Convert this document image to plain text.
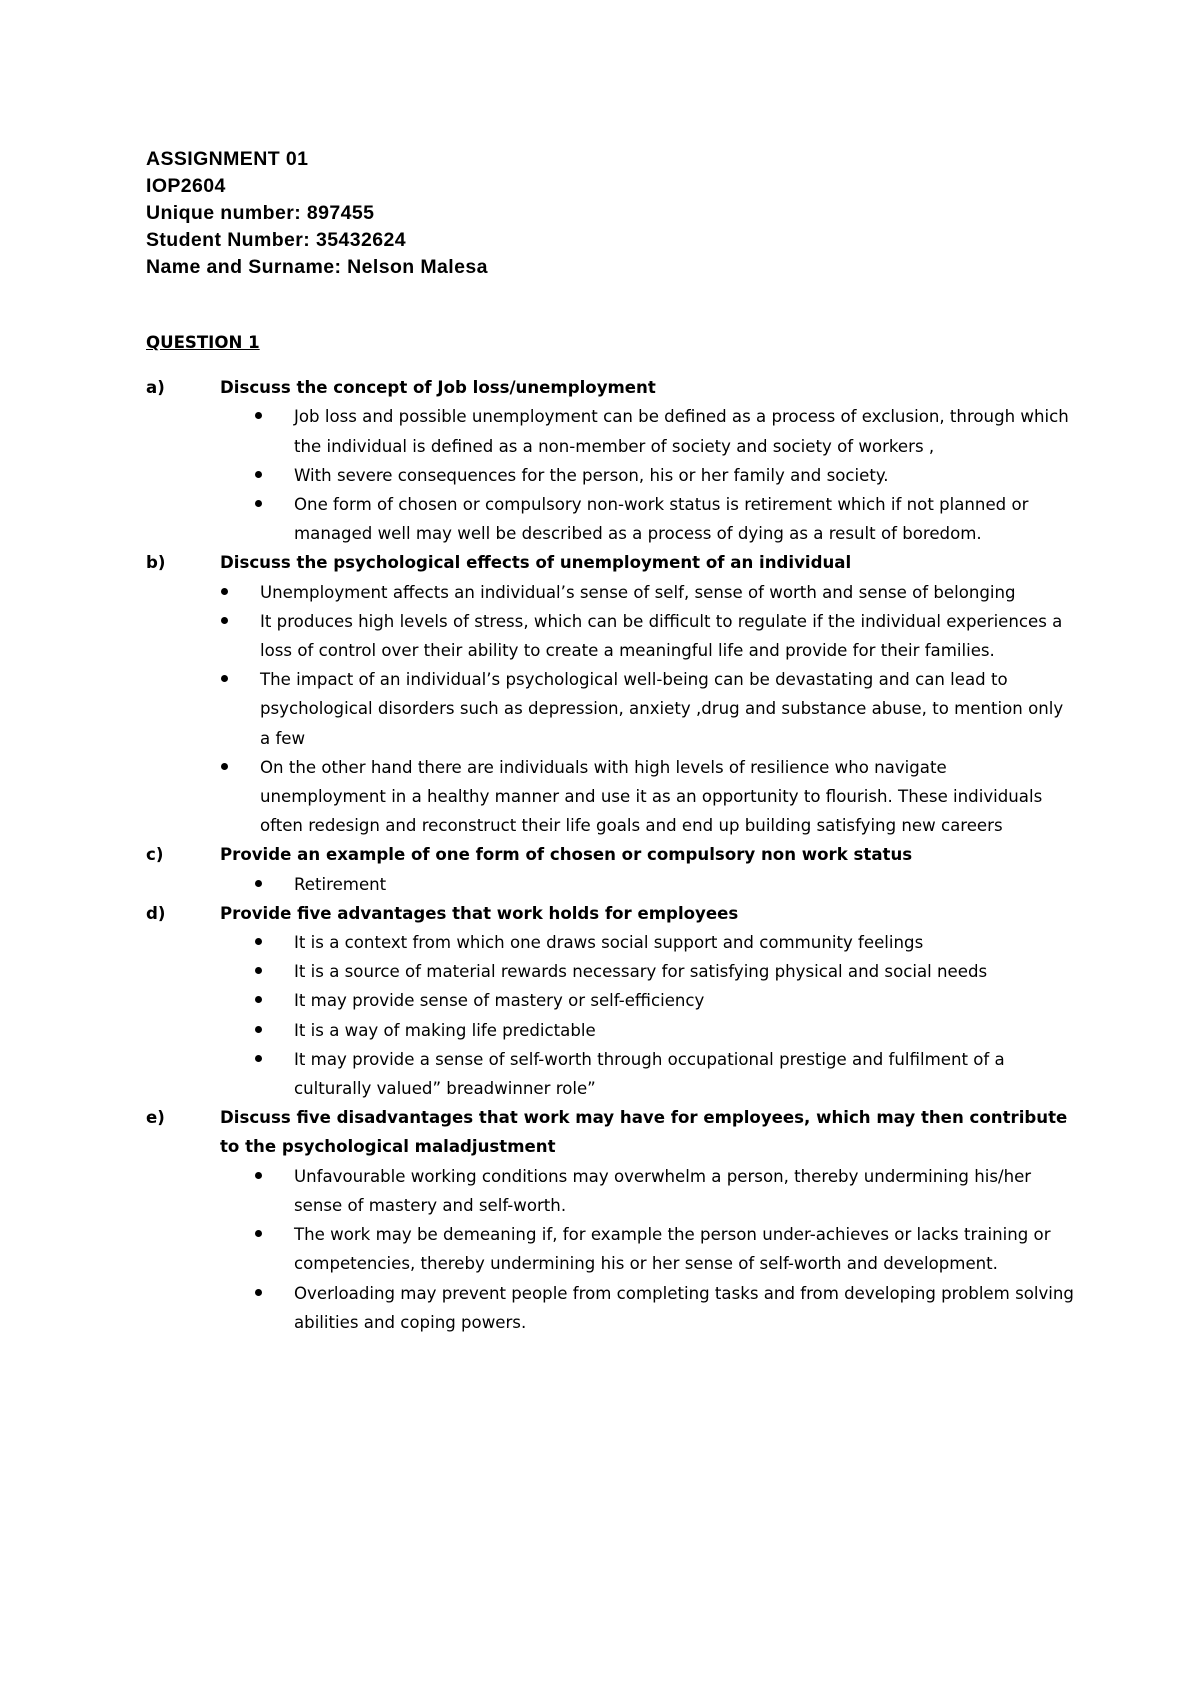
ASSIGNMENT 01
IOP2604
Unique number: 897455
Student Number: 35432624
Name and Surname: Nelson Malesa
QUESTION 1
a)	Discuss the concept of Job loss/unemployment
Job loss and possible unemployment can be defined as a process of exclusion, through which the individual is defined as a non-member of society and society of workers ,
With severe consequences for the person, his or her family and society.
One form of chosen or compulsory non-work status is retirement which if not planned or managed well may well be described as a process of dying as a result of boredom.
b)	Discuss the psychological effects of unemployment of an individual
Unemployment affects an individual’s sense of self, sense of worth and sense of belonging
It produces high levels of stress, which can be difficult to regulate if the individual experiences a loss of control over their ability to create a meaningful life and provide for their families.
The impact of an individual’s psychological well-being can be devastating and can lead to psychological disorders such as depression, anxiety ,drug and substance abuse, to mention only a few
On the other hand there are individuals with high levels of resilience who navigate unemployment in a healthy manner and use it as an opportunity to flourish. These individuals often redesign and reconstruct their life goals and end up building satisfying new careers
c)	Provide an example of one form of chosen or compulsory non work status
Retirement
d)	Provide five advantages that work holds for employees
It is a context from which one draws social support and community feelings
It is a source of material rewards necessary for satisfying physical and social needs
It may provide sense of mastery or self-efficiency
It is a way of making life predictable
It may provide a sense of self-worth through occupational prestige and fulfilment of a culturally valued” breadwinner role”
e)	Discuss five disadvantages that work may have for employees, which may then contribute to the psychological maladjustment
Unfavourable working conditions may overwhelm a person, thereby undermining his/her sense of mastery and self-worth.
The work may be demeaning if, for example the person under-achieves or lacks training or competencies, thereby undermining his or her sense of self-worth and development.
Overloading may prevent people from completing tasks and from developing problem solving abilities and coping powers.
